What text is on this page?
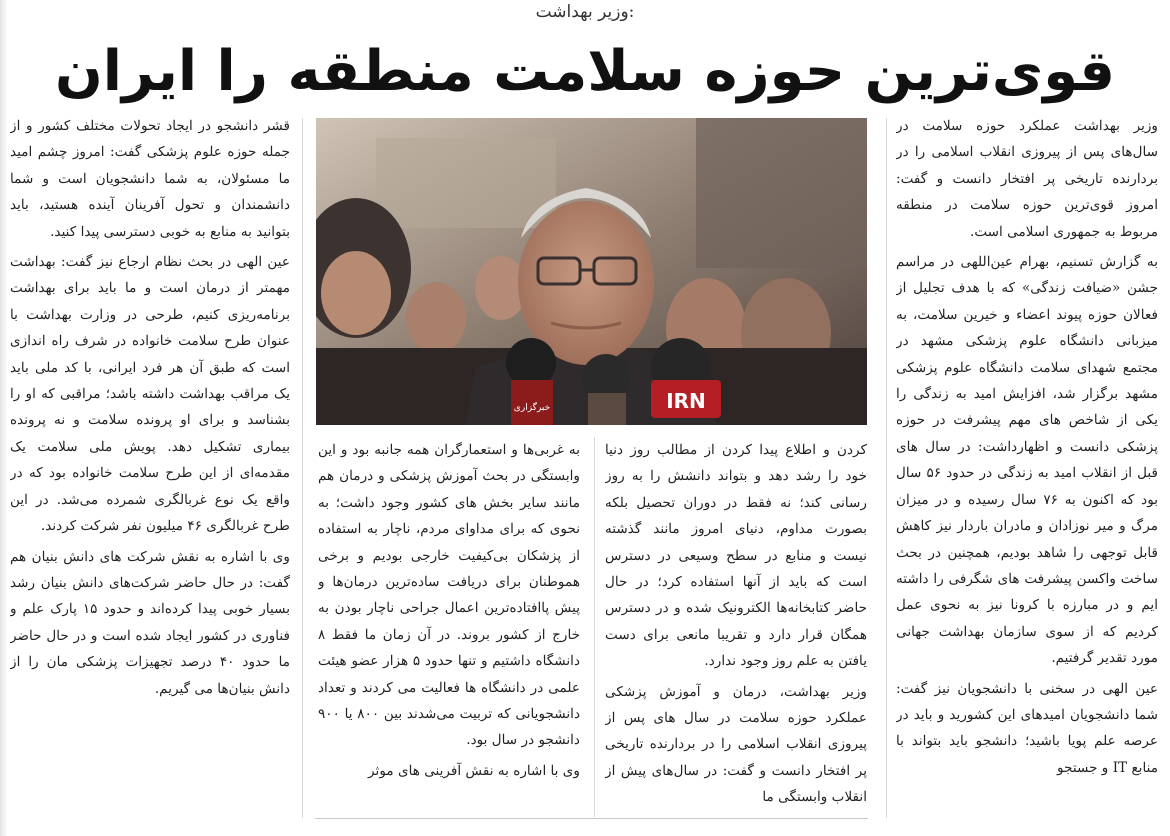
وزیر بهداشت:
قوی‌ترین حوزه سلامت منطقه را ایران

وزیر بهداشت عملکرد حوزه سلامت در سال‌های پس از پیروزی انقلاب اسلامی را در بردارنده تاریخی پر افتخار دانست و گفت: امروز قوی‌ترین حوزه سلامت در منطقه مربوط به جمهوری اسلامی است.

به گزارش تسنیم، بهرام عین‌اللهی در مراسم جشن «ضیافت زندگی» که با هدف تجلیل از فعالان حوزه پیوند اعضاء و خیرین سلامت، به میزبانی دانشگاه علوم پزشکی مشهد در مجتمع شهدای سلامت دانشگاه علوم پزشکی مشهد برگزار شد، افزایش امید به زندگی را یکی از شاخص های مهم پیشرفت در حوزه پزشکی دانست و اظهارداشت: در سال های قبل از انقلاب امید به زندگی در حدود ۵۶ سال بود که اکنون به ۷۶ سال رسیده و در میزان مرگ و میر نوزادان و مادران باردار نیز کاهش قابل توجهی را شاهد بودیم، همچنین در بحث ساخت واکسن پیشرفت های شگرفی را داشته ایم و در مبارزه با کرونا نیز به نحوی عمل کردیم که از سوی سازمان بهداشت جهانی مورد تقدیر گرفتیم.

عین الهی در سخنی با دانشجویان نیز گفت: شما دانشجویان امیدهای این کشورید و باید در عرصه علم پویا باشید؛ دانشجو باید بتواند با منابع IT و جستجو

IRN
خبرگزاری

کردن و اطلاع پیدا کردن از مطالب روز دنیا خود را رشد دهد و بتواند دانشش را به روز رسانی کند؛ نه فقط در دوران تحصیل بلکه بصورت مداوم، دنیای امروز مانند گذشته نیست و منابع در سطح وسیعی در دسترس است که باید از آنها استفاده کرد؛ در حال حاضر کتابخانه‌ها الکترونیک شده و در دسترس همگان قرار دارد و تقریبا مانعی برای دست یافتن به علم روز وجود ندارد.

وزیر بهداشت، درمان و آموزش پزشکی عملکرد حوزه سلامت در سال های پس از پیروزی انقلاب اسلامی را در بردارنده تاریخی پر افتخار دانست و گفت: در سال‌های پیش از انقلاب وابستگی ما

به غربی‌ها و استعمارگران همه جانبه بود و این وابستگی در بحث آموزش پزشکی و درمان هم مانند سایر بخش های کشور وجود داشت؛ به نحوی که برای مداوای مردم، ناچار به استفاده از پزشکان بی‌کیفیت خارجی بودیم و برخی هموطنان برای دریافت ساده‌ترین درمان‌ها و پیش پاافتاده‌ترین اعمال جراحی ناچار بودن به خارج از کشور بروند. در آن زمان ما فقط ۸ دانشگاه داشتیم و تنها حدود ۵ هزار عضو هیئت علمی در دانشگاه ها فعالیت می کردند و تعداد دانشجویانی که تربیت می‌شدند بین ۸۰۰ یا ۹۰۰ دانشجو در سال بود.

وی با اشاره به نقش آفرینی های موثر

قشر دانشجو در ایجاد تحولات مختلف کشور و از جمله حوزه علوم پزشکی گفت: امروز چشم امید ما مسئولان، به شما دانشجویان است و شما دانشمندان و تحول آفرینان آینده هستید، باید بتوانید به منابع به خوبی دسترسی پیدا کنید.

عین الهی در بحث نظام ارجاع نیز گفت: بهداشت مهمتر از درمان است و ما باید برای بهداشت برنامه‌ریزی کنیم، طرحی در وزارت بهداشت با عنوان طرح سلامت خانواده در شرف راه اندازی است که طبق آن هر فرد ایرانی، با کد ملی باید یک مراقب بهداشت داشته باشد؛ مراقبی که او را بشناسد و برای او پرونده سلامت و نه پرونده بیماری تشکیل دهد. پویش ملی سلامت یک مقدمه‌ای از این طرح سلامت خانواده بود که در واقع یک نوع غربالگری شمرده می‌شد. در این طرح غربالگری ۴۶ میلیون نفر شرکت کردند.

وی با اشاره به نقش شرکت های دانش بنیان هم گفت: در حال حاضر شرکت‌های دانش بنیان رشد بسیار خوبی پیدا کرده‌اند و حدود ۱۵ پارک علم و فناوری در کشور ایجاد شده است و در حال حاضر ما حدود ۴۰ درصد تجهیزات پزشکی مان را از دانش بنیان‌ها می گیریم.
